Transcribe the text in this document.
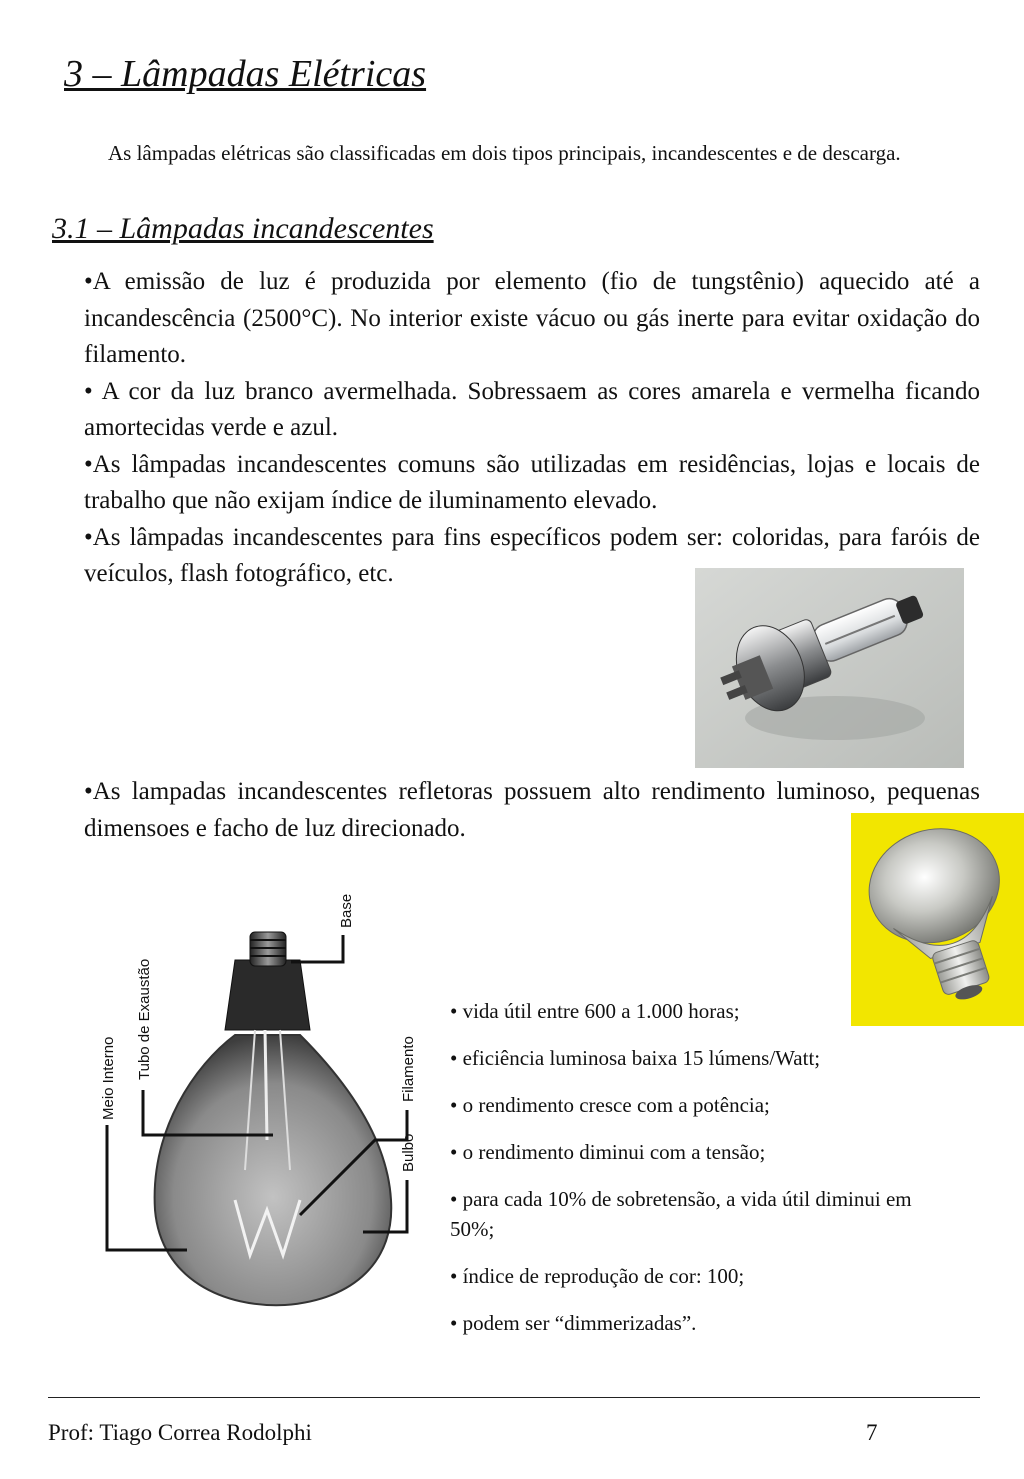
3 – Lâmpadas Elétricas
As lâmpadas elétricas são classificadas em dois tipos principais, incandescentes e de descarga.
3.1 – Lâmpadas incandescentes

•A emissão de luz é produzida por elemento (fio de tungstênio) aquecido até a incandescência (2500°C). No interior existe vácuo ou gás inerte para evitar oxidação do filamento.

• A cor da luz branco avermelhada. Sobressaem as cores amarela e vermelha ficando amortecidas verde e azul.

•As lâmpadas incandescentes comuns são utilizadas em residências, lojas e locais de trabalho que não exijam índice de iluminamento elevado.

•As lâmpadas incandescentes para fins específicos podem ser: coloridas, para faróis de veículos, flash fotográfico, etc.

•As lampadas incandescentes refletoras possuem alto rendimento luminoso, pequenas dimensoes e facho de luz direcionado.

Base
Tubo de Exaustão	Filamento
Meio Interno
Bulbo

• vida útil entre 600 a 1.000 horas;

• eficiência luminosa baixa 15 lúmens/Watt;

• o rendimento cresce com a potência;

• o rendimento diminui com a tensão;

• para cada 10% de sobretensão, a vida útil diminui em 50%;

• índice de reprodução de cor: 100;

• podem ser “dimmerizadas”.

Prof: Tiago Correa Rodolphi	7
